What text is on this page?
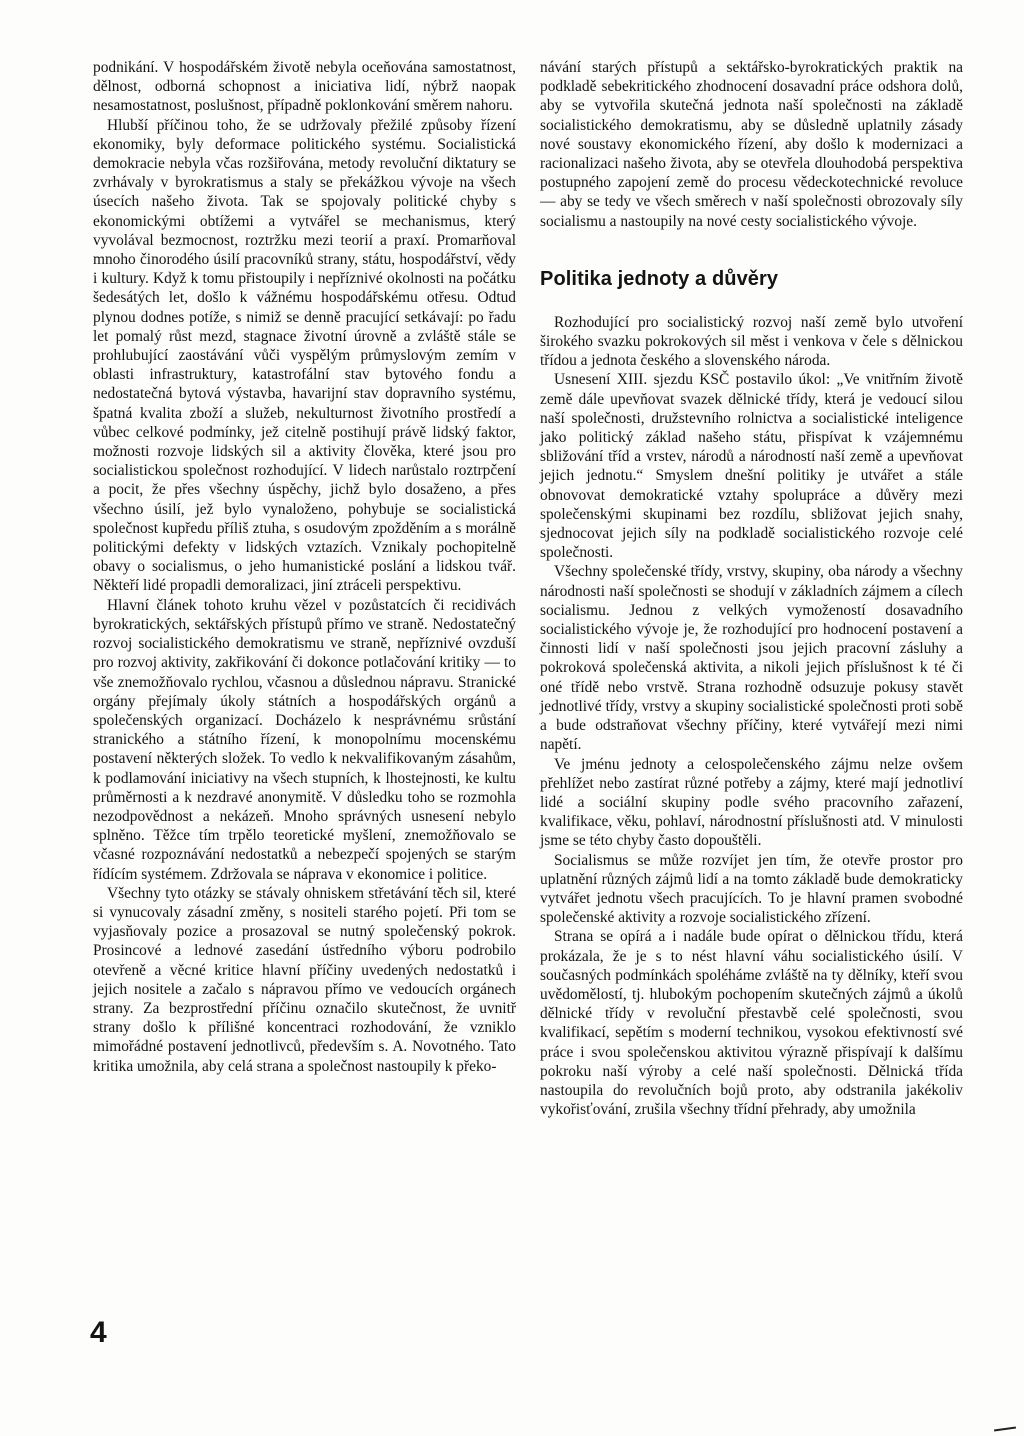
podnikání. V hospodářském životě nebyla oceňována samostatnost, dělnost, odborná schopnost a iniciativa lidí, nýbrž naopak nesamostatnost, poslušnost, případně poklonkování směrem nahoru.

Hlubší příčinou toho, že se udržovaly přežilé způsoby řízení ekonomiky, byly deformace politického systému. Socialistická demokracie nebyla včas rozšiřována, metody revoluční diktatury se zvrhávaly v byrokratismus a staly se překážkou vývoje na všech úsecích našeho života. Tak se spojovaly politické chyby s ekonomickými obtížemi a vytvářel se mechanismus, který vyvolával bezmocnost, roztržku mezi teorií a praxí. Promarňoval mnoho činorodého úsilí pracovníků strany, státu, hospodářství, vědy i kultury. Když k tomu přistoupily i nepříznivé okolnosti na počátku šedesátých let, došlo k vážnému hospodářskému otřesu. Odtud plynou dodnes potíže, s nimiž se denně pracující setkávají: po řadu let pomalý růst mezd, stagnace životní úrovně a zvláště stále se prohlubující zaostávání vůči vyspělým průmyslovým zemím v oblasti infrastruktury, katastrofální stav bytového fondu a nedostatečná bytová výstavba, havarijní stav dopravního systému, špatná kvalita zboží a služeb, nekulturnost životního prostředí a vůbec celkové podmínky, jež citelně postihují právě lidský faktor, možnosti rozvoje lidských sil a aktivity člověka, které jsou pro socialistickou společnost rozhodující. V lidech narůstalo roztrpčení a pocit, že přes všechny úspěchy, jichž bylo dosaženo, a přes všechno úsilí, jež bylo vynaloženo, pohybuje se socialistická společnost kupředu příliš ztuha, s osudovým zpožděním a s morálně politickými defekty v lidských vztazích. Vznikaly pochopitelně obavy o socialismus, o jeho humanistické poslání a lidskou tvář. Někteří lidé propadli demoralizaci, jiní ztráceli perspektivu.

Hlavní článek tohoto kruhu vězel v pozůstatcích či recidivách byrokratických, sektářských přístupů přímo ve straně. Nedostatečný rozvoj socialistického demokratismu ve straně, nepříznivé ovzduší pro rozvoj aktivity, zakřikování či dokonce potlačování kritiky — to vše znemožňovalo rychlou, včasnou a důslednou nápravu. Stranické orgány přejímaly úkoly státních a hospodářských orgánů a společenských organizací. Docházelo k nesprávnému srůstání stranického a státního řízení, k monopolnímu mocenskému postavení některých složek. To vedlo k nekvalifikovaným zásahům, k podlamování iniciativy na všech stupních, k lhostejnosti, ke kultu průměrnosti a k nezdravé anonymitě. V důsledku toho se rozmohla nezodpovědnost a nekázeň. Mnoho správných usnesení nebylo splněno. Těžce tím trpělo teoretické myšlení, znemožňovalo se včasné rozpoznávání nedostatků a nebezpečí spojených se starým řídícím systémem. Zdržovala se náprava v ekonomice i politice.

Všechny tyto otázky se stávaly ohniskem střetávání těch sil, které si vynucovaly zásadní změny, s nositeli starého pojetí. Při tom se vyjasňovaly pozice a prosazoval se nutný společenský pokrok. Prosincové a lednové zasedání ústředního výboru podrobilo otevřeně a věcné kritice hlavní příčiny uvedených nedostatků i jejich nositele a začalo s nápravou přímo ve vedoucích orgánech strany. Za bezprostřední příčinu označilo skutečnost, že uvnitř strany došlo k přílišné koncentraci rozhodování, že vzniklo mimořádné postavení jednotlivců, především s. A. Novotného. Tato kritika umožnila, aby celá strana a společnost nastoupily k překo-

návání starých přístupů a sektářsko-byrokratických praktik na podkladě sebekritického zhodnocení dosavadní práce odshora dolů, aby se vytvořila skutečná jednota naší společnosti na základě socialistického demokratismu, aby se důsledně uplatnily zásady nové soustavy ekonomického řízení, aby došlo k modernizaci a racionalizaci našeho života, aby se otevřela dlouhodobá perspektiva postupného zapojení země do procesu vědeckotechnické revoluce — aby se tedy ve všech směrech v naší společnosti obrozovaly síly socialismu a nastoupily na nové cesty socialistického vývoje.

Politika jednoty a důvěry

Rozhodující pro socialistický rozvoj naší země bylo utvoření širokého svazku pokrokových sil měst i venkova v čele s dělnickou třídou a jednota českého a slovenského národa.

Usnesení XIII. sjezdu KSČ postavilo úkol: „Ve vnitřním životě země dále upevňovat svazek dělnické třídy, která je vedoucí silou naší společnosti, družstevního rolnictva a socialistické inteligence jako politický základ našeho státu, přispívat k vzájemnému sbližování tříd a vrstev, národů a národností naší země a upevňovat jejich jednotu.“ Smyslem dnešní politiky je utvářet a stále obnovovat demokratické vztahy spolupráce a důvěry mezi společenskými skupinami bez rozdílu, sbližovat jejich snahy, sjednocovat jejich síly na podkladě socialistického rozvoje celé společnosti.

Všechny společenské třídy, vrstvy, skupiny, oba národy a všechny národnosti naší společnosti se shodují v základních zájmem a cílech socialismu. Jednou z velkých vymožeností dosavadního socialistického vývoje je, že rozhodující pro hodnocení postavení a činnosti lidí v naší společnosti jsou jejich pracovní zásluhy a pokroková společenská aktivita, a nikoli jejich příslušnost k té či oné třídě nebo vrstvě. Strana rozhodně odsuzuje pokusy stavět jednotlivé třídy, vrstvy a skupiny socialistické společnosti proti sobě a bude odstraňovat všechny příčiny, které vytvářejí mezi nimi napětí.

Ve jménu jednoty a celospolečenského zájmu nelze ovšem přehlížet nebo zastírat různé potřeby a zájmy, které mají jednotliví lidé a sociální skupiny podle svého pracovního zařazení, kvalifikace, věku, pohlaví, národnostní příslušnosti atd. V minulosti jsme se této chyby často dopouštěli.

Socialismus se může rozvíjet jen tím, že otevře prostor pro uplatnění různých zájmů lidí a na tomto základě bude demokraticky vytvářet jednotu všech pracujících. To je hlavní pramen svobodné společenské aktivity a rozvoje socialistického zřízení.

Strana se opírá a i nadále bude opírat o dělnickou třídu, která prokázala, že je s to nést hlavní váhu socialistického úsilí. V současných podmínkách spoléháme zvláště na ty dělníky, kteří svou uvědomělostí, tj. hlubokým pochopením skutečných zájmů a úkolů dělnické třídy v revoluční přestavbě celé společnosti, svou kvalifikací, sepětím s moderní technikou, vysokou efektivností své práce i svou společenskou aktivitou výrazně přispívají k dalšímu pokroku naší výroby a celé naší společnosti. Dělnická třída nastoupila do revolučních bojů proto, aby odstranila jakékoliv vykořisťování, zrušila všechny třídní přehrady, aby umožnila

4
